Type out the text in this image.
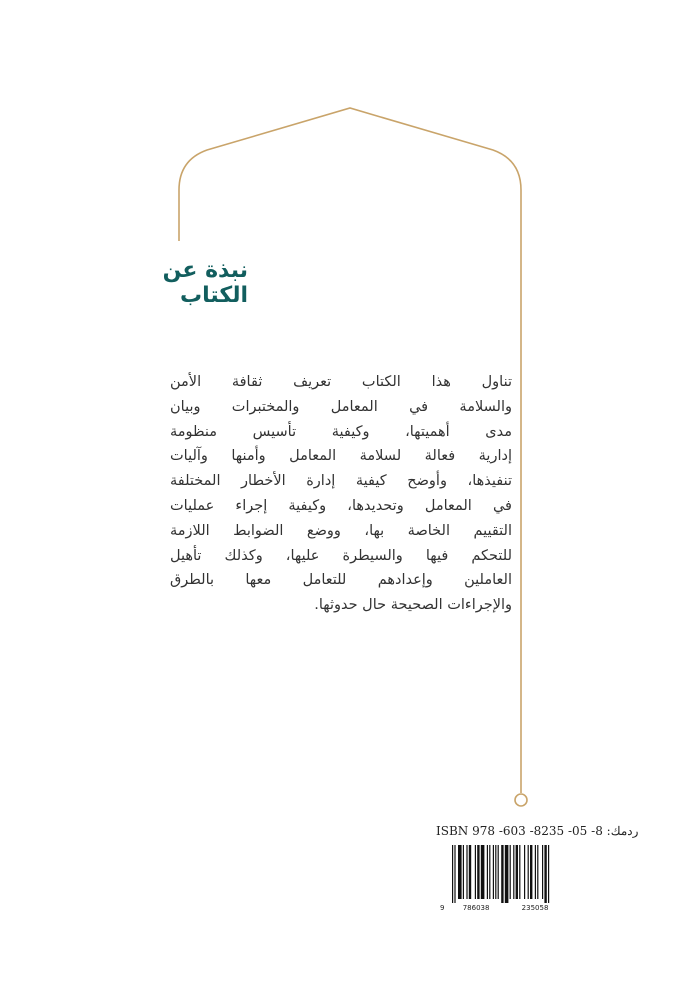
نبذة عن الكتاب
تناول هذا الكتاب تعريف ثقافة الأمن
والسلامة في المعامل والمختبرات وبيان
مدى أهميتها، وكيفية تأسيس منظومة
إدارية فعالة لسلامة المعامل وأمنها وآليات
تنفيذها، وأوضح كيفية إدارة الأخطار المختلفة
في المعامل وتحديدها، وكيفية إجراء عمليات
التقييم الخاصة بها، ووضع الضوابط اللازمة
للتحكم فيها والسيطرة عليها، وكذلك تأهيل
العاملين وإعدادهم للتعامل معها بالطرق
والإجراءات الصحيحة حال حدوثها.
ISBN 978 -603 -8235 -05 -8 ردمك:
9	786038	235058
